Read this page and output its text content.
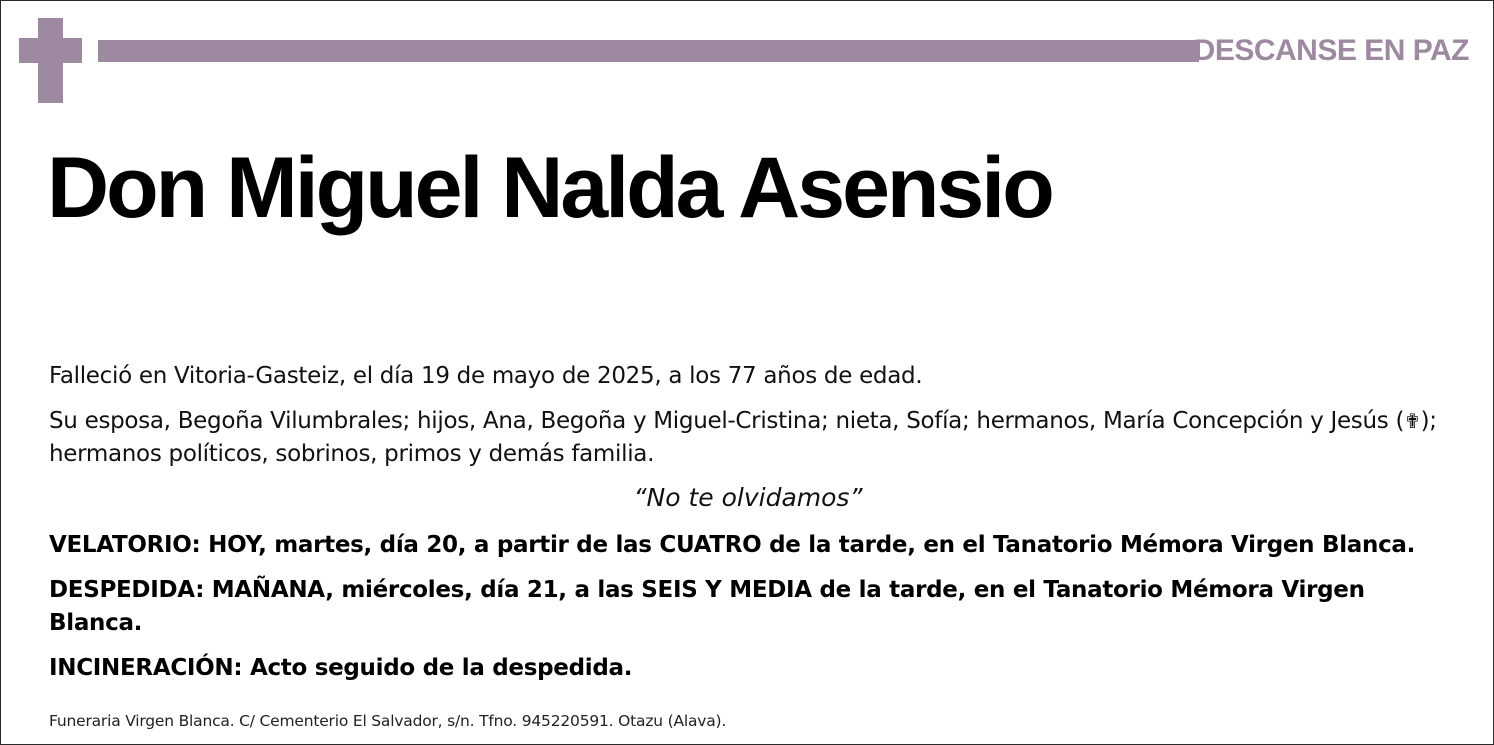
DESCANSE EN PAZ
Don Miguel Nalda Asensio

Falleció en Vitoria-Gasteiz, el día 19 de mayo de 2025, a los 77 años de edad.

Su esposa, Begoña Vilumbrales; hijos, Ana, Begoña y Miguel-Cristina; nieta, Sofía; hermanos, María Concepción y Jesús (✟); hermanos políticos, sobrinos, primos y demás familia.

“No te olvidamos”

VELATORIO: HOY, martes, día 20, a partir de las CUATRO de la tarde, en el Tanatorio Mémora Virgen Blanca.

DESPEDIDA: MAÑANA, miércoles, día 21, a las SEIS Y MEDIA de la tarde, en el Tanatorio Mémora Virgen Blanca.

INCINERACIÓN: Acto seguido de la despedida.

Funeraria Virgen Blanca. C/ Cementerio El Salvador, s/n. Tfno. 945220591. Otazu (Alava).
